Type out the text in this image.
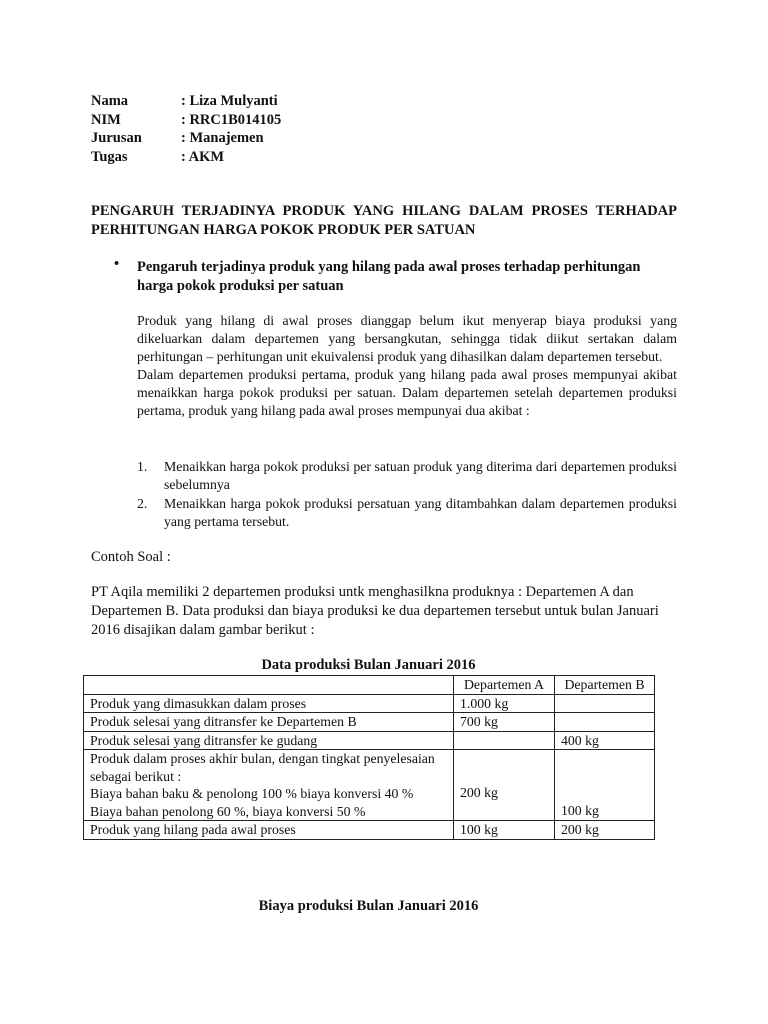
Nama	: Liza Mulyanti
NIM	: RRC1B014105
Jurusan	: Manajemen
Tugas	: AKM
PENGARUH TERJADINYA PRODUK YANG HILANG DALAM PROSES TERHADAP PERHITUNGAN HARGA POKOK PRODUK PER SATUAN
• Pengaruh terjadinya produk yang hilang pada awal proses terhadap perhitungan harga pokok produksi per satuan

Produk yang hilang di awal proses dianggap belum ikut menyerap biaya produksi yang dikeluarkan dalam departemen yang bersangkutan, sehingga tidak diikut sertakan dalam perhitungan – perhitungan unit ekuivalensi produk yang dihasilkan dalam departemen tersebut.

Dalam departemen produksi pertama, produk yang hilang pada awal proses mempunyai akibat menaikkan harga pokok produksi per satuan. Dalam departemen setelah departemen produksi pertama, produk yang hilang pada awal proses mempunyai dua akibat :

1.	Menaikkan harga pokok produksi per satuan produk yang diterima dari departemen produksi sebelumnya
2.	Menaikkan harga pokok produksi persatuan yang ditambahkan dalam departemen produksi yang pertama tersebut.
Contoh Soal :
PT Aqila memiliki 2 departemen produksi untk menghasilkna produknya : Departemen A dan Departemen B. Data produksi dan biaya produksi ke dua departemen tersebut untuk bulan Januari 2016 disajikan dalam gambar berikut :
Data produksi Bulan Januari 2016
	Departemen A	Departemen B
Produk yang dimasukkan dalam proses	1.000 kg	
Produk selesai yang ditransfer ke Departemen B	700 kg	
Produk selesai yang ditransfer ke gudang		400 kg

Produk dalam proses akhir bulan, dengan tingkat penyelesaian sebagai berikut :
Biaya bahan baku & penolong 100 % biaya konversi 40 %
Biaya bahan penolong 60 %, biaya konversi 50 %	200 kg	100 kg
Produk yang hilang pada awal proses	100 kg	200 kg
Biaya produksi Bulan Januari 2016
